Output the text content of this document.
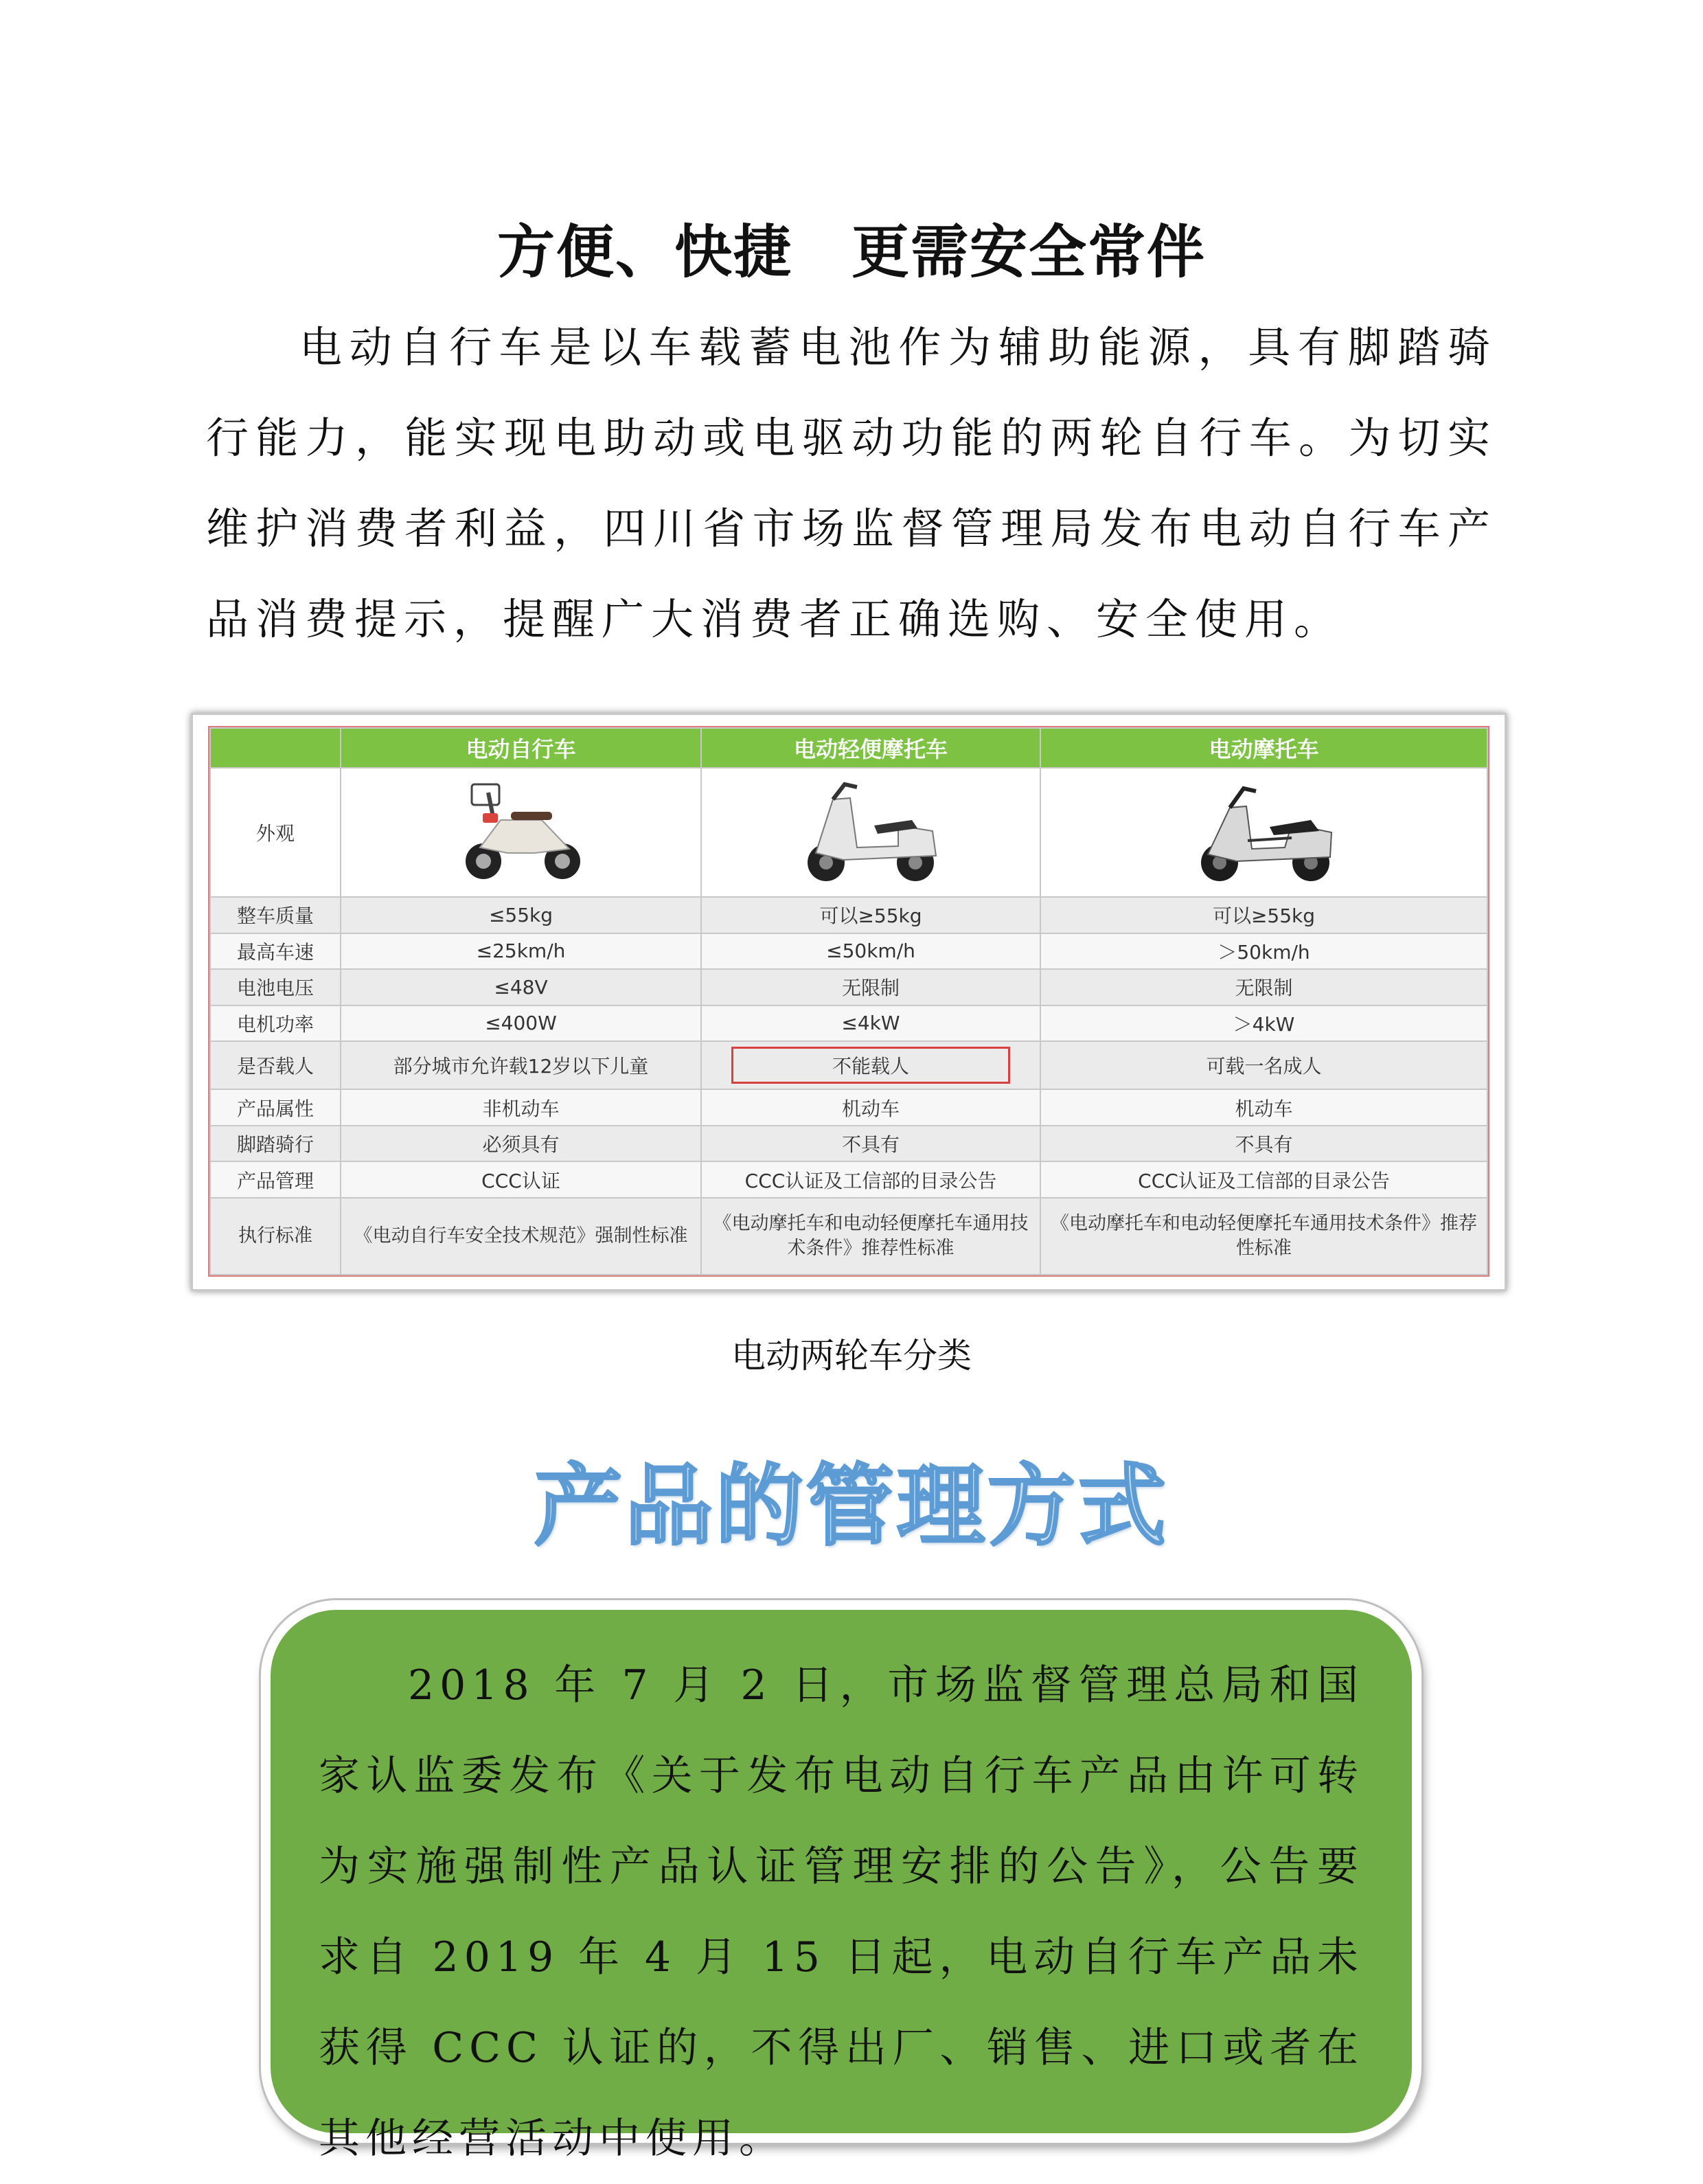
方便、快捷　更需安全常伴

电动自行车是以车载蓄电池作为辅助能源，具有脚踏骑行能力，能实现电助动或电驱动功能的两轮自行车。为切实维护消费者利益，四川省市场监督管理局发布电动自行车产品消费提示，提醒广大消费者正确选购、安全使用。

	电动自行车	电动轻便摩托车	电动摩托车
外观			
整车质量	≤55kg	可以≥55kg	可以≥55kg
最高车速	≤25km/h	≤50km/h	＞50km/h
电池电压	≤48V	无限制	无限制
电机功率	≤400W	≤4kW	＞4kW
是否载人	部分城市允许载12岁以下儿童	不能载人	可载一名成人
产品属性	非机动车	机动车	机动车
脚踏骑行	必须具有	不具有	不具有
产品管理	CCC认证	CCC认证及工信部的目录公告	CCC认证及工信部的目录公告
执行标准	《电动自行车安全技术规范》强制性标准	《电动摩托车和电动轻便摩托车通用技术条件》推荐性标准	《电动摩托车和电动轻便摩托车通用技术条件》推荐性标准

电动两轮车分类

产品的管理方式

2018 年 7 月 2 日，市场监督管理总局和国家认监委发布《关于发布电动自行车产品由许可转为实施强制性产品认证管理安排的公告》，公告要求自 2019 年 4 月 15 日起，电动自行车产品未获得 CCC 认证的，不得出厂、销售、进口或者在其他经营活动中使用。
